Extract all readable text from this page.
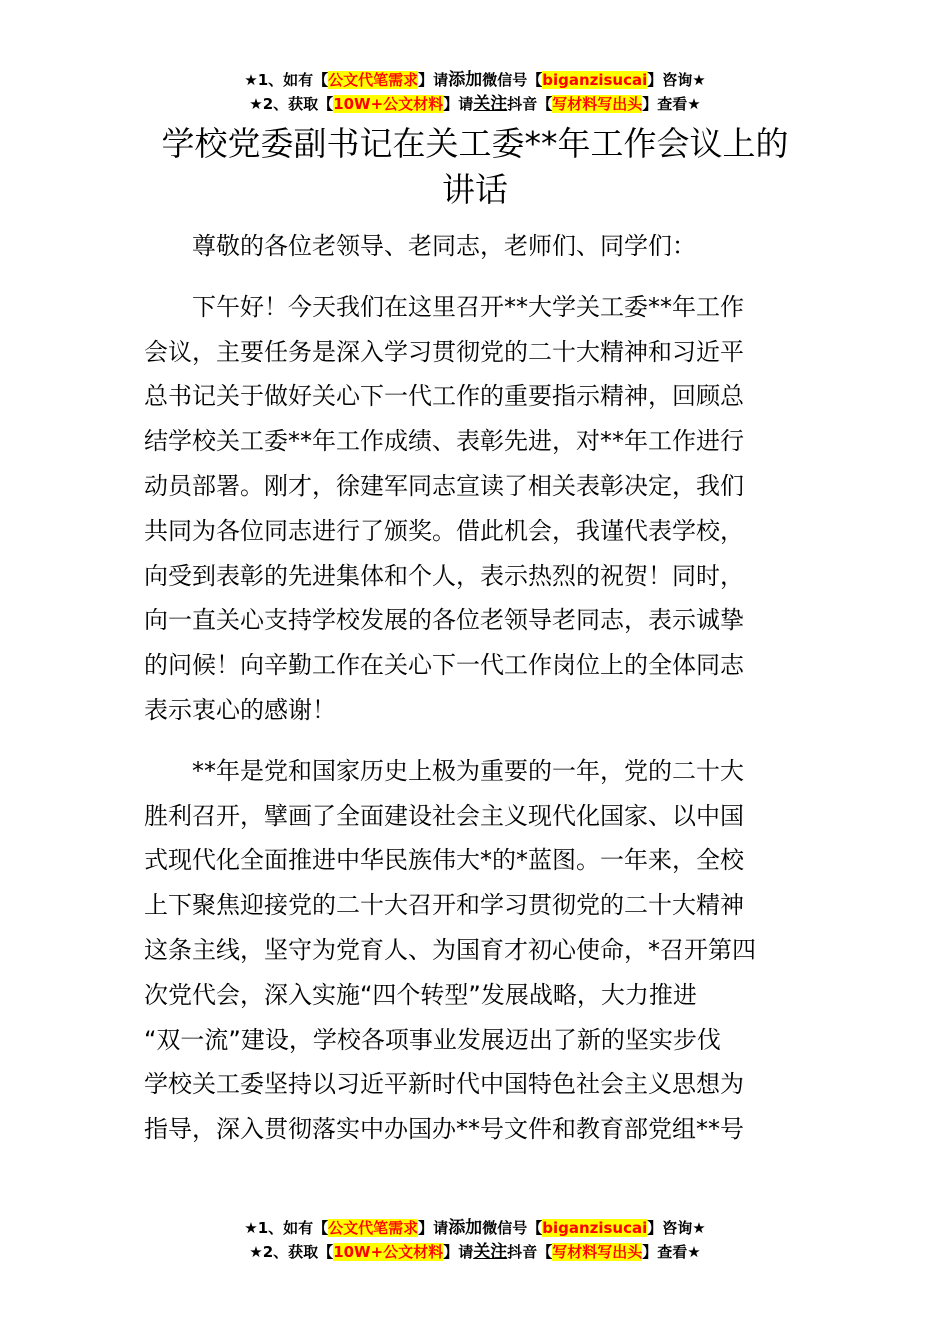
★1、如有【公文代笔需求】请添加微信号【biganzisucai】咨询★
★2、获取【10W+公文材料】请关注抖音【写材料写出头】查看★
学校党委副书记在关工委**年工作会议上的
讲话

尊敬的各位老领导、老同志，老师们、同学们：

下午好！今天我们在这里召开**大学关工委**年工作
会议，主要任务是深入学习贯彻党的二十大精神和习近平
总书记关于做好关心下一代工作的重要指示精神，回顾总
结学校关工委**年工作成绩、表彰先进，对**年工作进行
动员部署。刚才，徐建军同志宣读了相关表彰决定，我们
共同为各位同志进行了颁奖。借此机会，我谨代表学校，
向受到表彰的先进集体和个人，表示热烈的祝贺！同时，
向一直关心支持学校发展的各位老领导老同志，表示诚挚
的问候！向辛勤工作在关心下一代工作岗位上的全体同志
表示衷心的感谢！
**年是党和国家历史上极为重要的一年，党的二十大
胜利召开，擘画了全面建设社会主义现代化国家、以中国
式现代化全面推进中华民族伟大*的*蓝图。一年来，全校
上下聚焦迎接党的二十大召开和学习贯彻党的二十大精神
这条主线，坚守为党育人、为国育才初心使命，*召开第四
次党代会，深入实施“四个转型”发展战略，大力推进
“双一流”建设，学校各项事业发展迈出了新的坚实步伐
学校关工委坚持以习近平新时代中国特色社会主义思想为
指导，深入贯彻落实中办国办**号文件和教育部党组**号
★1、如有【公文代笔需求】请添加微信号【biganzisucai】咨询★
★2、获取【10W+公文材料】请关注抖音【写材料写出头】查看★
